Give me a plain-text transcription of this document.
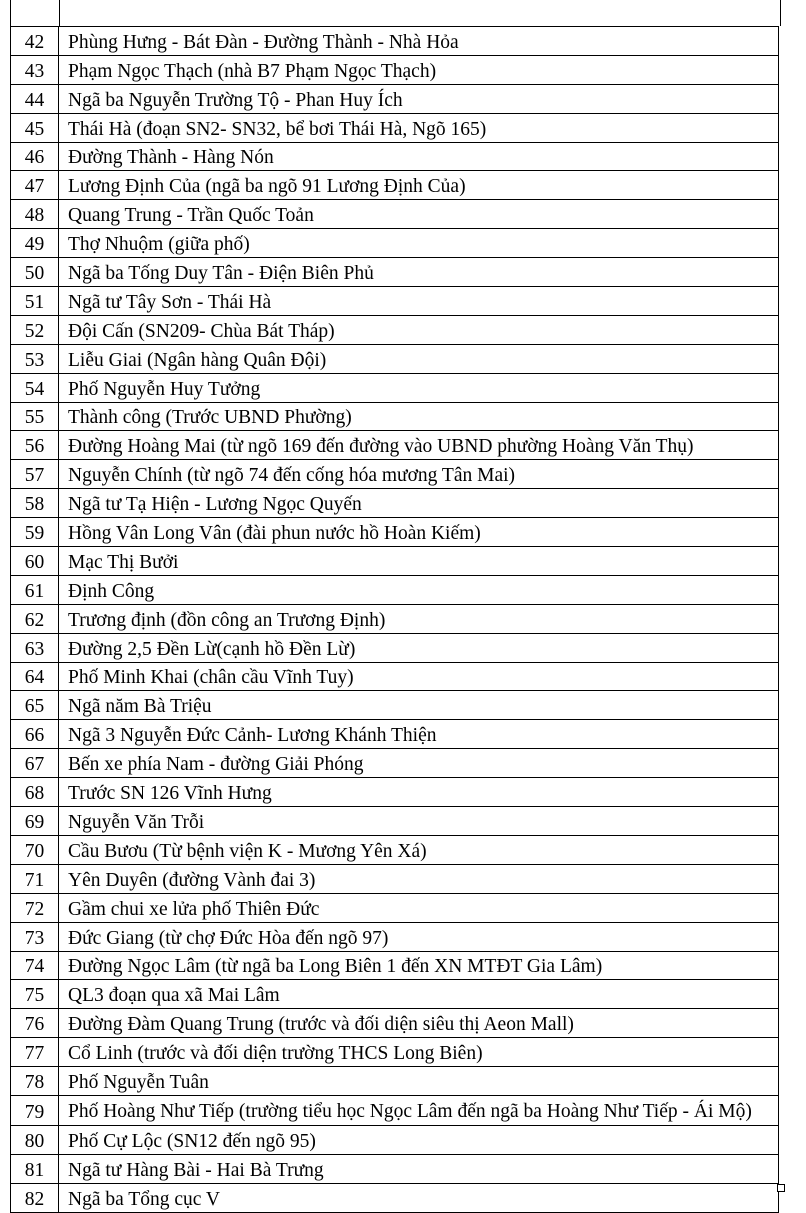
42	Phùng Hưng - Bát Đàn - Đường Thành - Nhà Hỏa
43	Phạm Ngọc Thạch (nhà B7 Phạm Ngọc Thạch)
44	Ngã ba Nguyễn Trường Tộ - Phan Huy Ích
45	Thái Hà (đoạn SN2- SN32, bể bơi Thái Hà, Ngõ 165)
46	Đường Thành - Hàng Nón
47	Lương Định Của (ngã ba ngõ 91 Lương Định Của)
48	Quang Trung - Trần Quốc Toản
49	Thợ Nhuộm (giữa phố)
50	Ngã ba Tống Duy Tân - Điện Biên Phủ
51	Ngã tư Tây Sơn - Thái Hà
52	Đội Cấn (SN209- Chùa Bát Tháp)
53	Liễu Giai (Ngân hàng Quân Đội)
54	Phố Nguyễn Huy Tưởng
55	Thành công (Trước UBND Phường)
56	Đường Hoàng Mai (từ ngõ 169 đến đường vào UBND phường Hoàng Văn Thụ)
57	Nguyễn Chính (từ ngõ 74 đến cống hóa mương Tân Mai)
58	Ngã tư Tạ Hiện - Lương Ngọc Quyến
59	Hồng Vân Long Vân (đài phun nước hồ Hoàn Kiếm)
60	Mạc Thị Bưởi
61	Định Công
62	Trương định (đồn công an Trương Định)
63	Đường 2,5 Đền Lừ(cạnh hồ Đền Lừ)
64	Phố Minh Khai (chân cầu Vĩnh Tuy)
65	Ngã năm Bà Triệu
66	Ngã 3 Nguyễn Đức Cảnh- Lương Khánh Thiện
67	Bến xe phía Nam - đường Giải Phóng
68	Trước SN 126 Vĩnh Hưng
69	Nguyễn Văn Trỗi
70	Cầu Bươu (Từ bệnh viện K - Mương Yên Xá)
71	Yên Duyên (đường Vành đai 3)
72	Gầm chui xe lửa phố Thiên Đức
73	Đức Giang (từ chợ Đức Hòa đến ngõ 97)
74	Đường Ngọc Lâm (từ ngã ba Long Biên 1 đến XN MTĐT Gia Lâm)
75	QL3 đoạn qua xã Mai Lâm
76	Đường Đàm Quang Trung (trước và đối diện siêu thị Aeon Mall)
77	Cổ Linh (trước và đối diện trường THCS Long Biên)
78	Phố Nguyễn Tuân
79	Phố Hoàng Như Tiếp (trường tiểu học Ngọc Lâm đến ngã ba Hoàng Như Tiếp - Ái Mộ)
80	Phố Cự Lộc (SN12 đến ngõ 95)
81	Ngã tư Hàng Bài - Hai Bà Trưng
82	Ngã ba Tổng cục V
